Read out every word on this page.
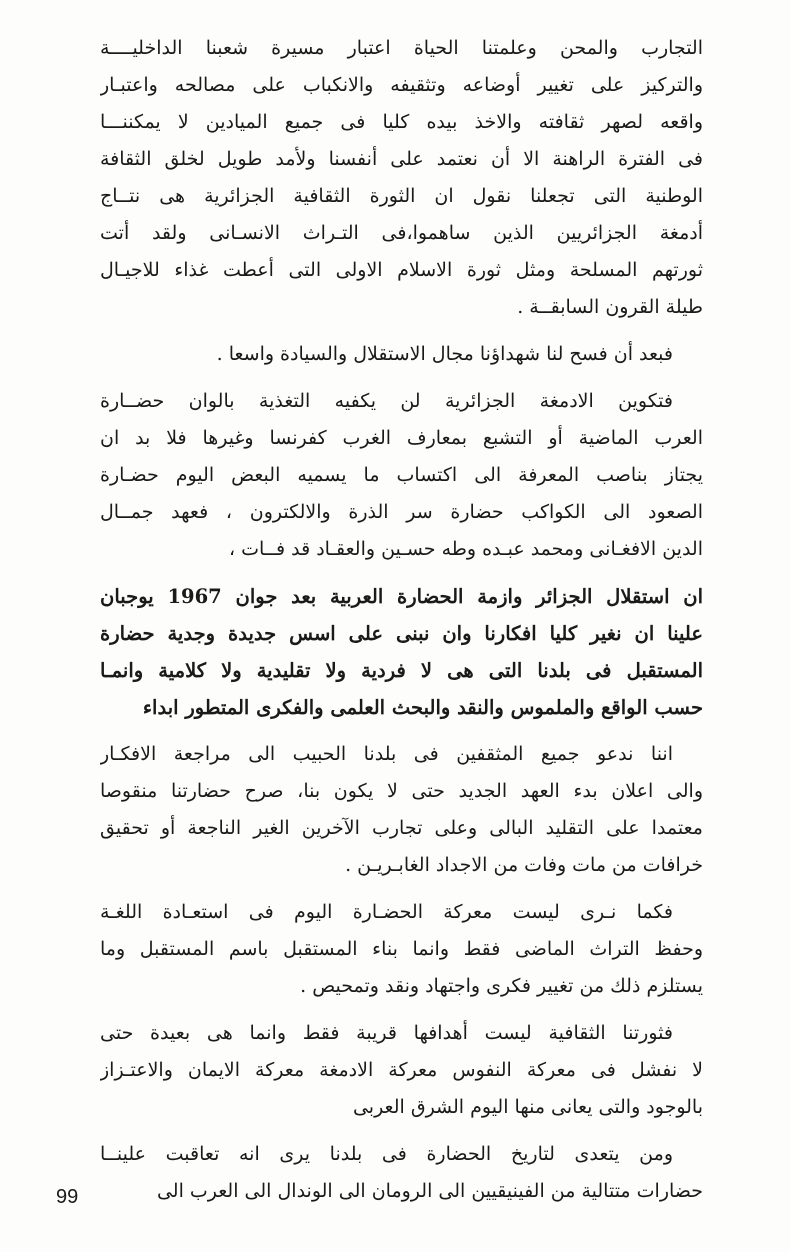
التجارب والمحن وعلمتنا الحياة اعتبار مسيرة شعبنا الداخليــــة
والتركيز على تغيير أوضاعه وتثقيفه والانكباب على مصالحه واعتبـار
واقعه لصهر ثقافته والاخذ بيده كليا فى جميع الميادين لا يمكننـــا
فى الفترة الراهنة الا أن نعتمد على أنفسنا ولأمد طويل لخلق الثقافة
الوطنية التى تجعلنا نقول ان الثورة الثقافية الجزائرية هى نتــاج
أدمغة الجزائريين الذين ساهموا،فى التـراث الانسـانى ولقد أتت
ثورتهم المسلحة ومثل ثورة الاسلام الاولى التى أعطت غذاء للاجيـال
طيلة القرون السابقــة .
فبعد أن فسح لنا شهداؤنا مجال الاستقلال والسيادة واسعا .
فتكوين الادمغة الجزائرية لن يكفيه التغذية بالوان حضــارة
العرب الماضية أو التشبع بمعارف الغرب كفرنسا وغيرها فلا بد ان
يجتاز بناصب المعرفة الى اكتساب ما يسميه البعض اليوم حضـارة
الصعود الى الكواكب حضارة سر الذرة والالكترون ، فعهد جمــال
الدين الافغـانى ومحمد عبـده وطه حسـين والعقـاد قد فــات ،
ان استقلال الجزائر وازمة الحضارة العربية بعد جوان 1967 يوجبان
علينا ان نغير كليا افكارنا وان نبنى على اسس جديدة وجدية حضارة
المستقبل فى بلدنا التى هى لا فردية ولا تقليدية ولا كلامية وانمـا
حسب الواقع والملموس والنقد والبحث العلمى والفكرى المتطور ابداء
اننا ندعو جميع المثقفين فى بلدنا الحبيب الى مراجعة الافكـار
والى اعلان بدء العهد الجديد حتى لا يكون بنا، صرح حضارتنا منقوصا
معتمدا على التقليد البالى وعلى تجارب الآخرين الغير الناجعة أو تحقيق
خرافات من مات وفات من الاجداد الغابـريـن .
فكما نـرى ليست معركة الحضـارة اليوم فى استعـادة اللغـة
وحفظ التراث الماضى فقط وانما بناء المستقبل باسم المستقبل وما
يستلزم ذلك من تغيير فكرى واجتهاد ونقد وتمحيص .
فثورتنا الثقافية ليست أهدافها قريبة فقط وانما هى بعيدة حتى
لا نفشل فى معركة النفوس معركة الادمغة معركة الايمان والاعتـزاز
بالوجود والتى يعانى منها اليوم الشرق العربى
ومن يتعدى لتاريخ الحضارة فى بلدنا يرى انه تعاقبت علينــا
حضارات متتالية من الفينيقيين الى الرومان الى الوندال الى العرب الى
99
